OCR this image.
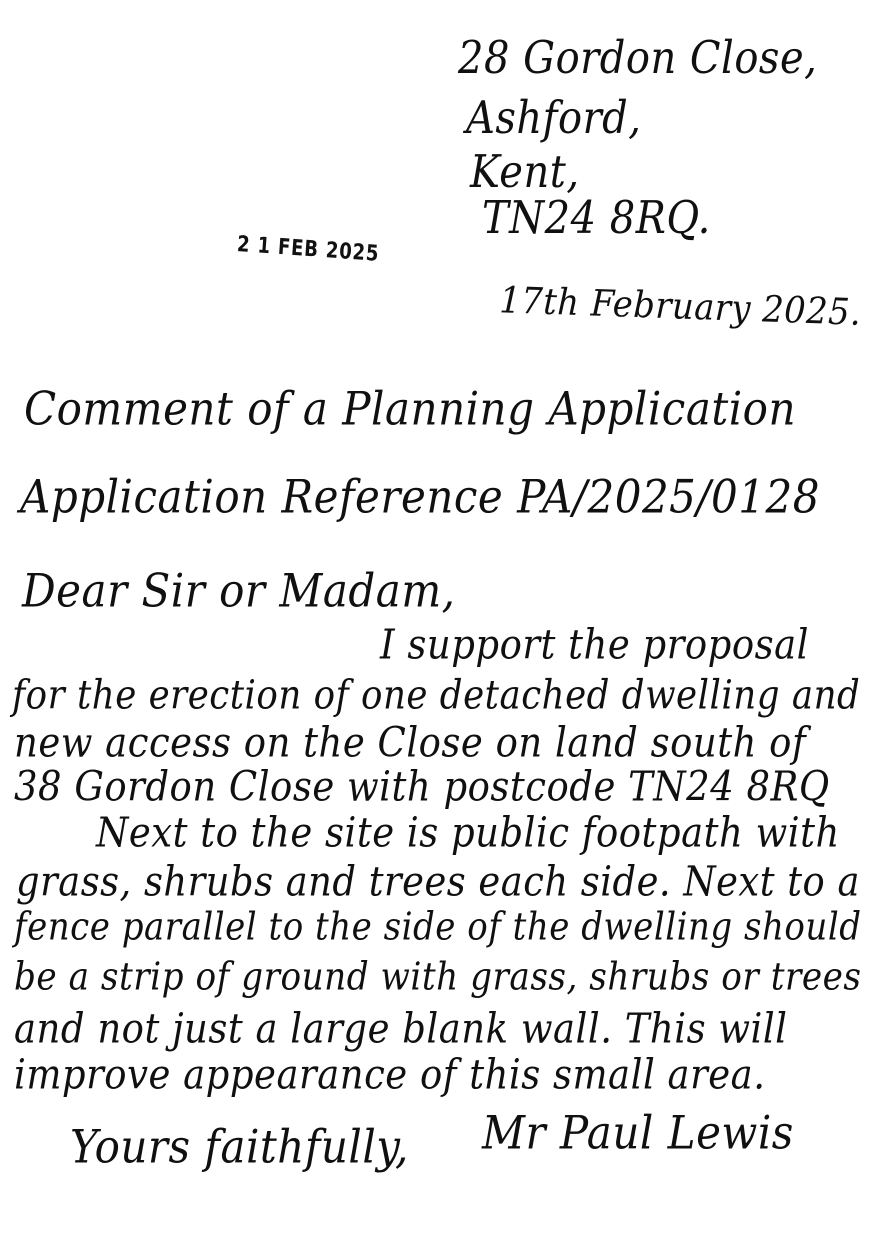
28 Gordon Close,
Ashford,
Kent,
TN24 8RQ.
2 1 FEB 2025
17th February 2025.
Comment of a Planning Application
Application Reference PA/2025/0128
Dear Sir or Madam,
I support the proposal
for the erection of one detached dwelling and
new access on the Close on land south of
38 Gordon Close with postcode TN24 8RQ
Next to the site is public footpath with
grass, shrubs and trees each side. Next to a
fence parallel to the side of the dwelling should
be a strip of ground with grass, shrubs or trees
and not just a large blank wall. This will
improve appearance of this small area.
Yours faithfully, Mr Paul Lewis
